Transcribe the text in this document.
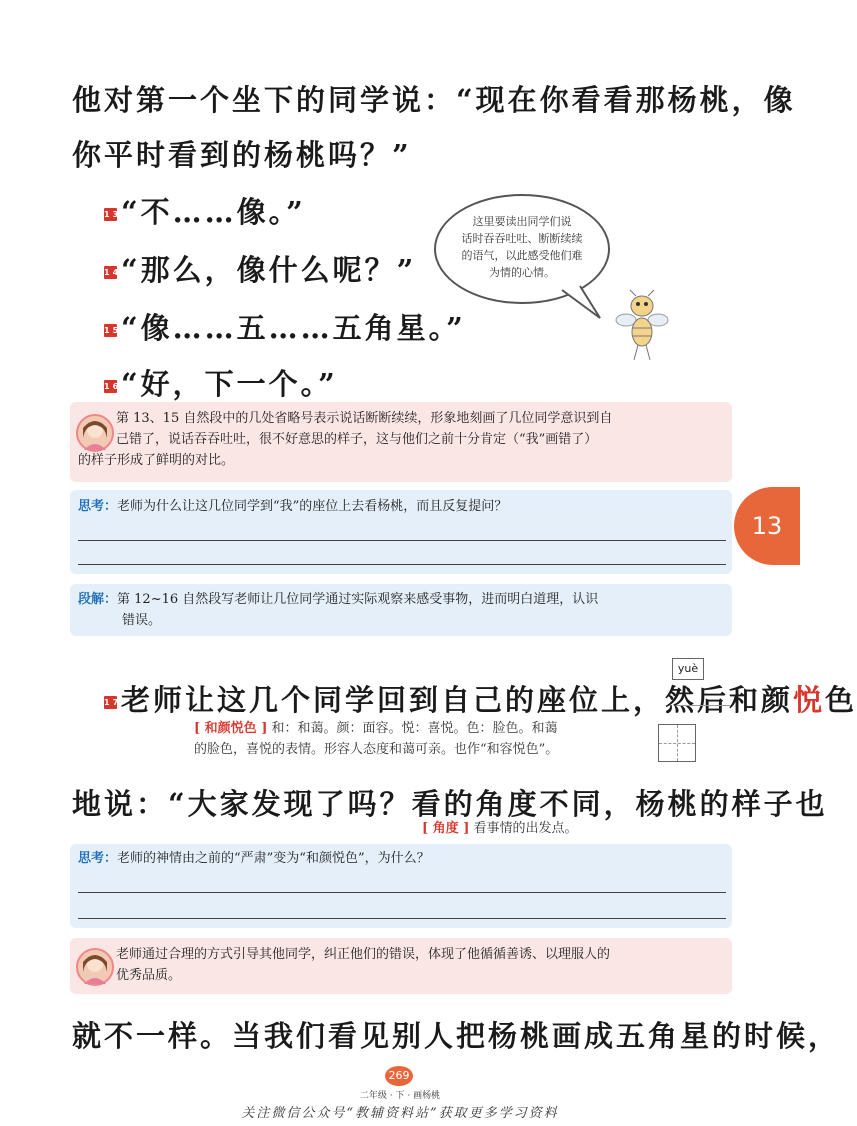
他对第一个坐下的同学说：“现在你看看那杨桃，像
你平时看到的杨桃吗？”
13“不……像。”
14“那么，像什么呢？”
15“像……五……五角星。”
16“好，下一个。”
这里要读出同学们说
话时吞吞吐吐、断断续续
的语气，以此感受他们难
为情的心情。
第 13、15 自然段中的几处省略号表示说话断断续续，形象地刻画了几位同学意识到自
己错了，说话吞吞吐吐，很不好意思的样子，这与他们之前十分肯定（“我”画错了）
的样子形成了鲜明的对比。
思考：老师为什么让这几位同学到“我”的座位上去看杨桃，而且反复提问？
13
段解：第 12~16 自然段写老师让几位同学通过实际观察来感受事物，进而明白道理，认识
错误。
yuè
17老师让这几个同学回到自己的座位上，然后和颜悦色
[ 和颜悦色 ] 和：和蔼。颜：面容。悦：喜悦。色：脸色。和蔼
的脸色，喜悦的表情。形容人态度和蔼可亲。也作“和容悦色”。
地说：“大家发现了吗？看的角度不同，杨桃的样子也
[ 角度 ] 看事情的出发点。
思考：老师的神情由之前的“严肃”变为“和颜悦色”，为什么？
老师通过合理的方式引导其他同学，纠正他们的错误，体现了他循循善诱、以理服人的
优秀品质。
就不一样。当我们看见别人把杨桃画成五角星的时候，
269
二年级 · 下 · 画杨桃
关注微信公众号“教辅资料站”获取更多学习资料
